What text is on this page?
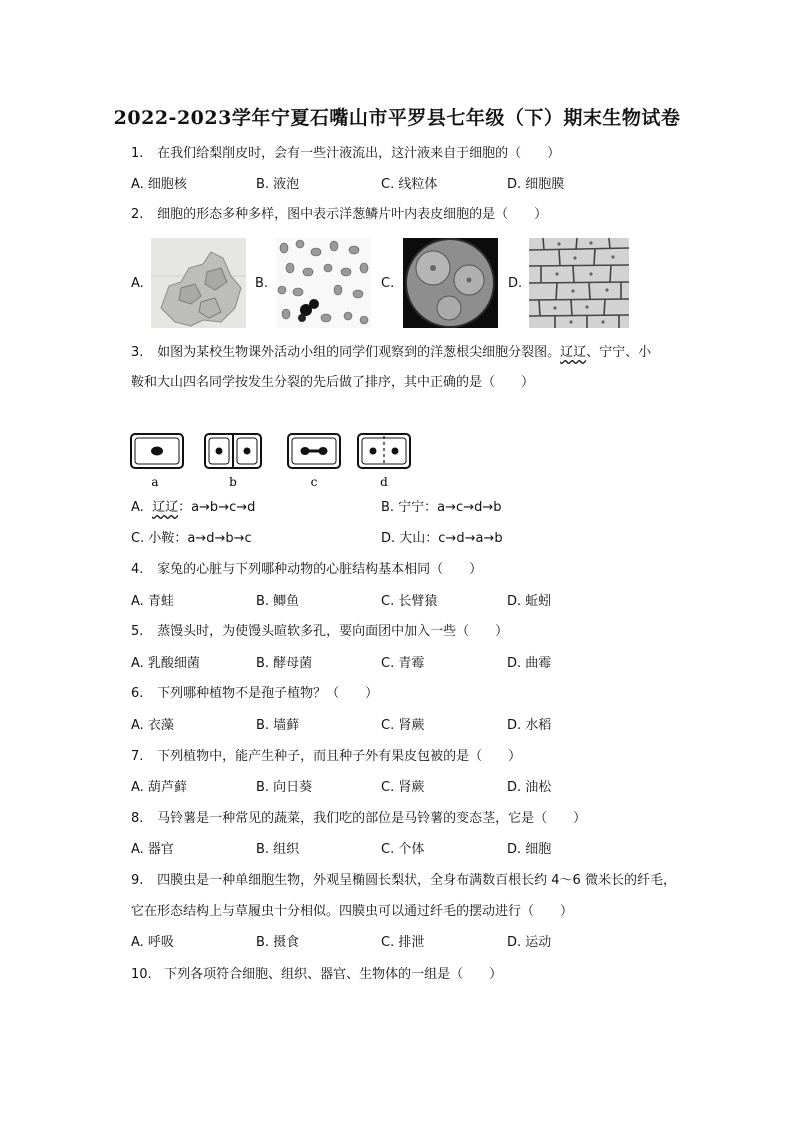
2022-2023学年宁夏石嘴山市平罗县七年级（下）期末生物试卷
1. 在我们给梨削皮时，会有一些汁液流出，这汁液来自于细胞的（　　）
A. 细胞核	B. 液泡	C. 线粒体	D. 细胞膜
2. 细胞的形态多种多样，图中表示洋葱鳞片叶内表皮细胞的是（　　）
A.	B.	C.	D.
3. 如图为某校生物课外活动小组的同学们观察到的洋葱根尖细胞分裂图。辽辽、宁宁、小
鞍和大山四名同学按发生分裂的先后做了排序，其中正确的是（　　）
a	b	c	d
A. 辽辽：a→b→c→d	B. 宁宁：a→c→d→b
C. 小鞍：a→d→b→c	D. 大山：c→d→a→b
4. 家兔的心脏与下列哪种动物的心脏结构基本相同（　　）
A. 青蛙	B. 鲫鱼	C. 长臂猿	D. 蚯蚓
5. 蒸馒头时，为使馒头暄软多孔，要向面团中加入一些（　　）
A. 乳酸细菌	B. 酵母菌	C. 青霉	D. 曲霉
6. 下列哪种植物不是孢子植物？（　　）
A. 衣藻	B. 墙藓	C. 肾蕨	D. 水稻
7. 下列植物中，能产生种子，而且种子外有果皮包被的是（　　）
A. 葫芦藓	B. 向日葵	C. 肾蕨	D. 油松
8. 马铃薯是一种常见的蔬菜，我们吃的部位是马铃薯的变态茎，它是（　　）
A. 器官	B. 组织	C. 个体	D. 细胞
9. 四膜虫是一种单细胞生物，外观呈椭圆长梨状，全身布满数百根长约 4～6 微米长的纤毛，
它在形态结构上与草履虫十分相似。四膜虫可以通过纤毛的摆动进行（　　）
A. 呼吸	B. 摄食	C. 排泄	D. 运动
10. 下列各项符合细胞、组织、器官、生物体的一组是（　　）
